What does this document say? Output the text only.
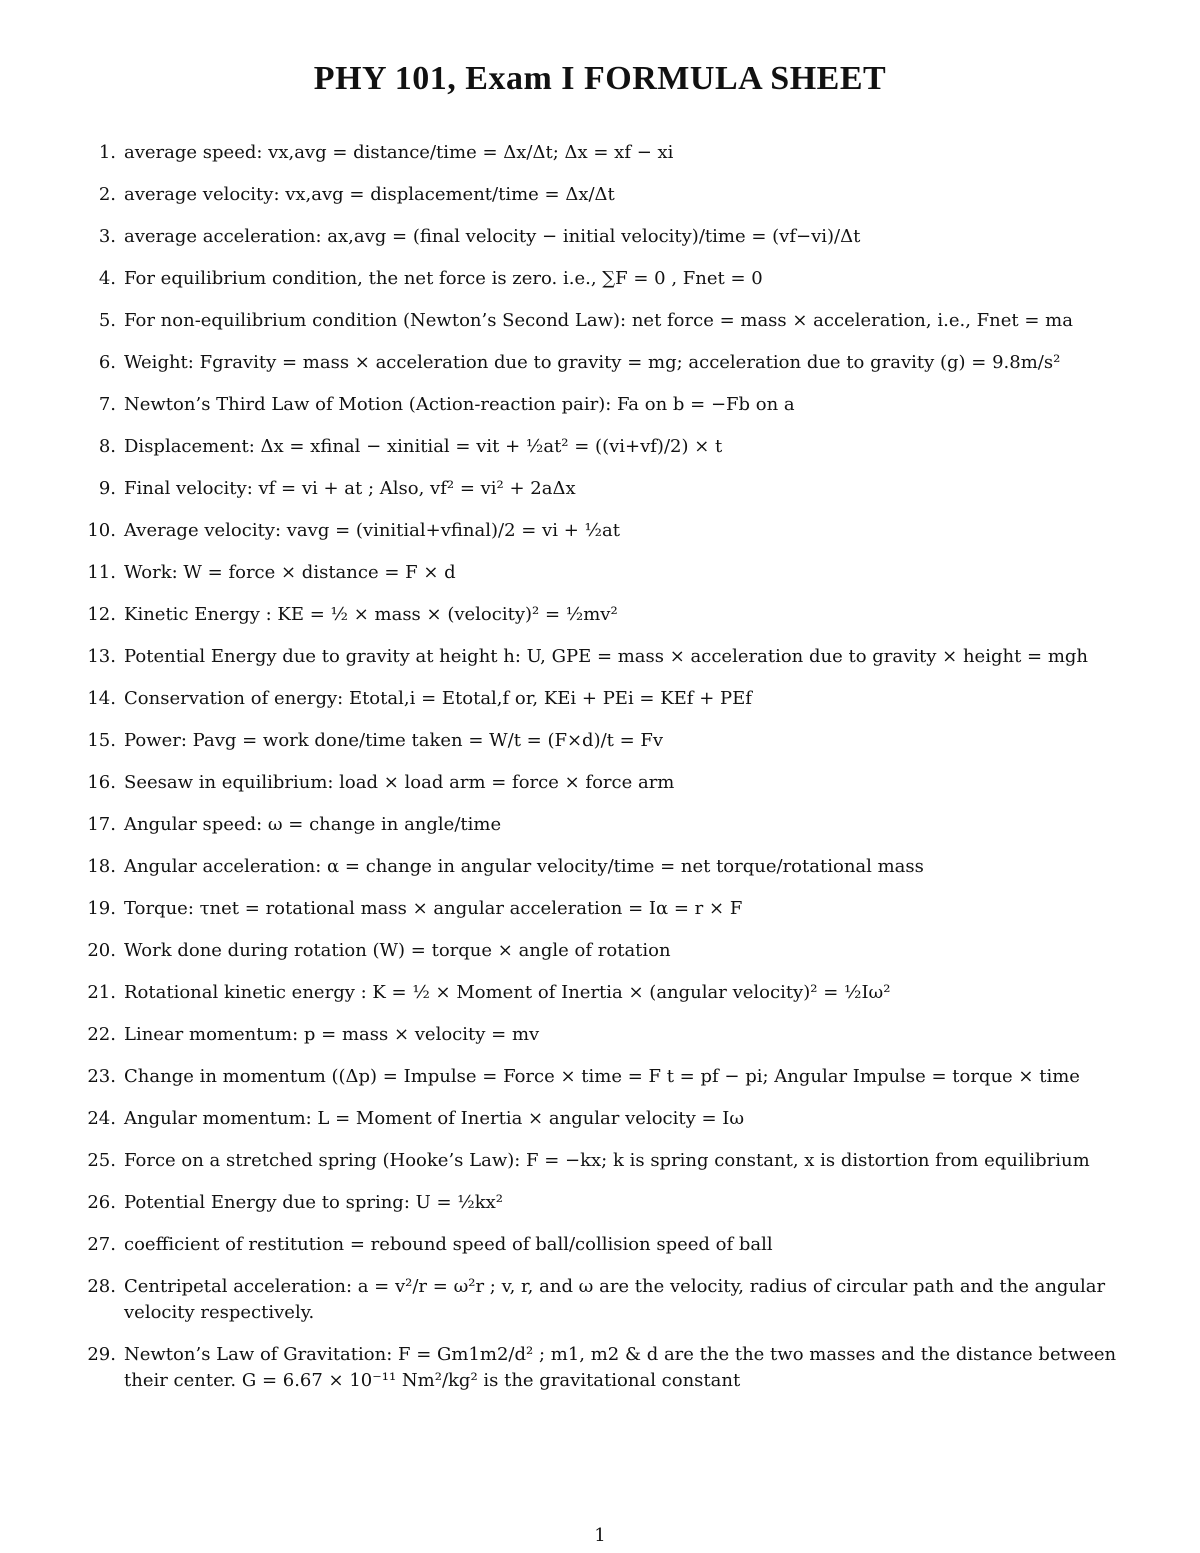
PHY 101, Exam I FORMULA SHEET
1. average speed: vx,avg = distance/time = Δx/Δt; Δx = xf − xi
2. average velocity: vx,avg = displacement/time = Δx/Δt
3. average acceleration: ax,avg = (final velocity − initial velocity)/time = (vf−vi)/Δt
4. For equilibrium condition, the net force is zero. i.e., ∑F = 0 , Fnet = 0
5. For non-equilibrium condition (Newton’s Second Law): net force = mass × acceleration, i.e., Fnet = ma
6. Weight: Fgravity = mass × acceleration due to gravity = mg; acceleration due to gravity (g) = 9.8m/s²
7. Newton’s Third Law of Motion (Action-reaction pair): Fa on b = −Fb on a
8. Displacement: Δx = xfinal − xinitial = vit + ½at² = ((vi+vf)/2) × t
9. Final velocity: vf = vi + at ; Also, vf² = vi² + 2aΔx
10. Average velocity: vavg = (vinitial+vfinal)/2 = vi + ½at
11. Work: W = force × distance = F × d
12. Kinetic Energy : KE = ½ × mass × (velocity)² = ½mv²
13. Potential Energy due to gravity at height h: U, GPE = mass × acceleration due to gravity × height = mgh
14. Conservation of energy: Etotal,i = Etotal,f or, KEi + PEi = KEf + PEf
15. Power: Pavg = work done/time taken = W/t = (F×d)/t = Fv
16. Seesaw in equilibrium: load × load arm = force × force arm
17. Angular speed: ω = change in angle/time
18. Angular acceleration: α = change in angular velocity/time = net torque/rotational mass
19. Torque: τnet = rotational mass × angular acceleration = Iα = r × F
20. Work done during rotation (W) = torque × angle of rotation
21. Rotational kinetic energy : K = ½ × Moment of Inertia × (angular velocity)² = ½Iω²
22. Linear momentum: p = mass × velocity = mv
23. Change in momentum ((Δp) = Impulse = Force × time = F t = pf − pi; Angular Impulse = torque × time
24. Angular momentum: L = Moment of Inertia × angular velocity = Iω
25. Force on a stretched spring (Hooke’s Law): F = −kx; k is spring constant, x is distortion from equilibrium
26. Potential Energy due to spring: U = ½kx²
27. coefficient of restitution = rebound speed of ball/collision speed of ball
28. Centripetal acceleration: a = v²/r = ω²r ; v, r, and ω are the velocity, radius of circular path and the angular velocity respectively.
29. Newton’s Law of Gravitation: F = Gm1m2/d² ; m1, m2 & d are the the two masses and the distance between their center. G = 6.67 × 10⁻¹¹ Nm²/kg² is the gravitational constant
1
